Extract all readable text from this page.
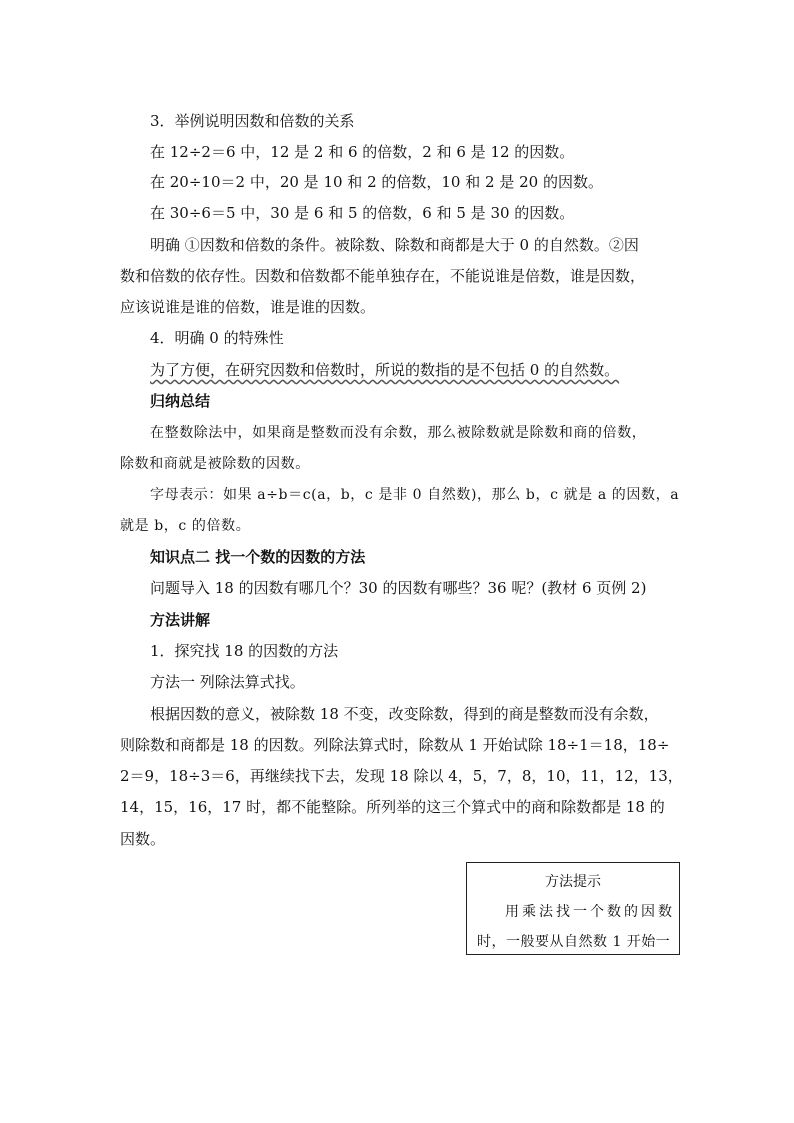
3．举例说明因数和倍数的关系
在 12÷2＝6 中，12 是 2 和 6 的倍数，2 和 6 是 12 的因数。
在 20÷10＝2 中，20 是 10 和 2 的倍数，10 和 2 是 20 的因数。
在 30÷6＝5 中，30 是 6 和 5 的倍数，6 和 5 是 30 的因数。
明确 ①因数和倍数的条件。被除数、除数和商都是大于 0 的自然数。②因
数和倍数的依存性。因数和倍数都不能单独存在，不能说谁是倍数，谁是因数，
应该说谁是谁的倍数，谁是谁的因数。
4．明确 0 的特殊性
为了方便，在研究因数和倍数时，所说的数指的是不包括 0 的自然数。
归纳总结
在整数除法中，如果商是整数而没有余数，那么被除数就是除数和商的倍数，
除数和商就是被除数的因数。
字母表示：如果 a÷b＝c(a，b，c 是非 0 自然数)，那么 b，c 就是 a 的因数，a
就是 b，c 的倍数。
知识点二 找一个数的因数的方法
问题导入 18 的因数有哪几个？30 的因数有哪些？36 呢？(教材 6 页例 2)
方法讲解
1．探究找 18 的因数的方法
方法一 列除法算式找。
根据因数的意义，被除数 18 不变，改变除数，得到的商是整数而没有余数，
则除数和商都是 18 的因数。列除法算式时，除数从 1 开始试除 18÷1＝18，18÷
2＝9，18÷3＝6，再继续找下去，发现 18 除以 4，5，7，8，10，11，12，13，
14，15，16，17 时，都不能整除。所列举的这三个算式中的商和除数都是 18 的
因数。
方法提示
用乘法找一个数的因数
时，一般要从自然数 1 开始一
